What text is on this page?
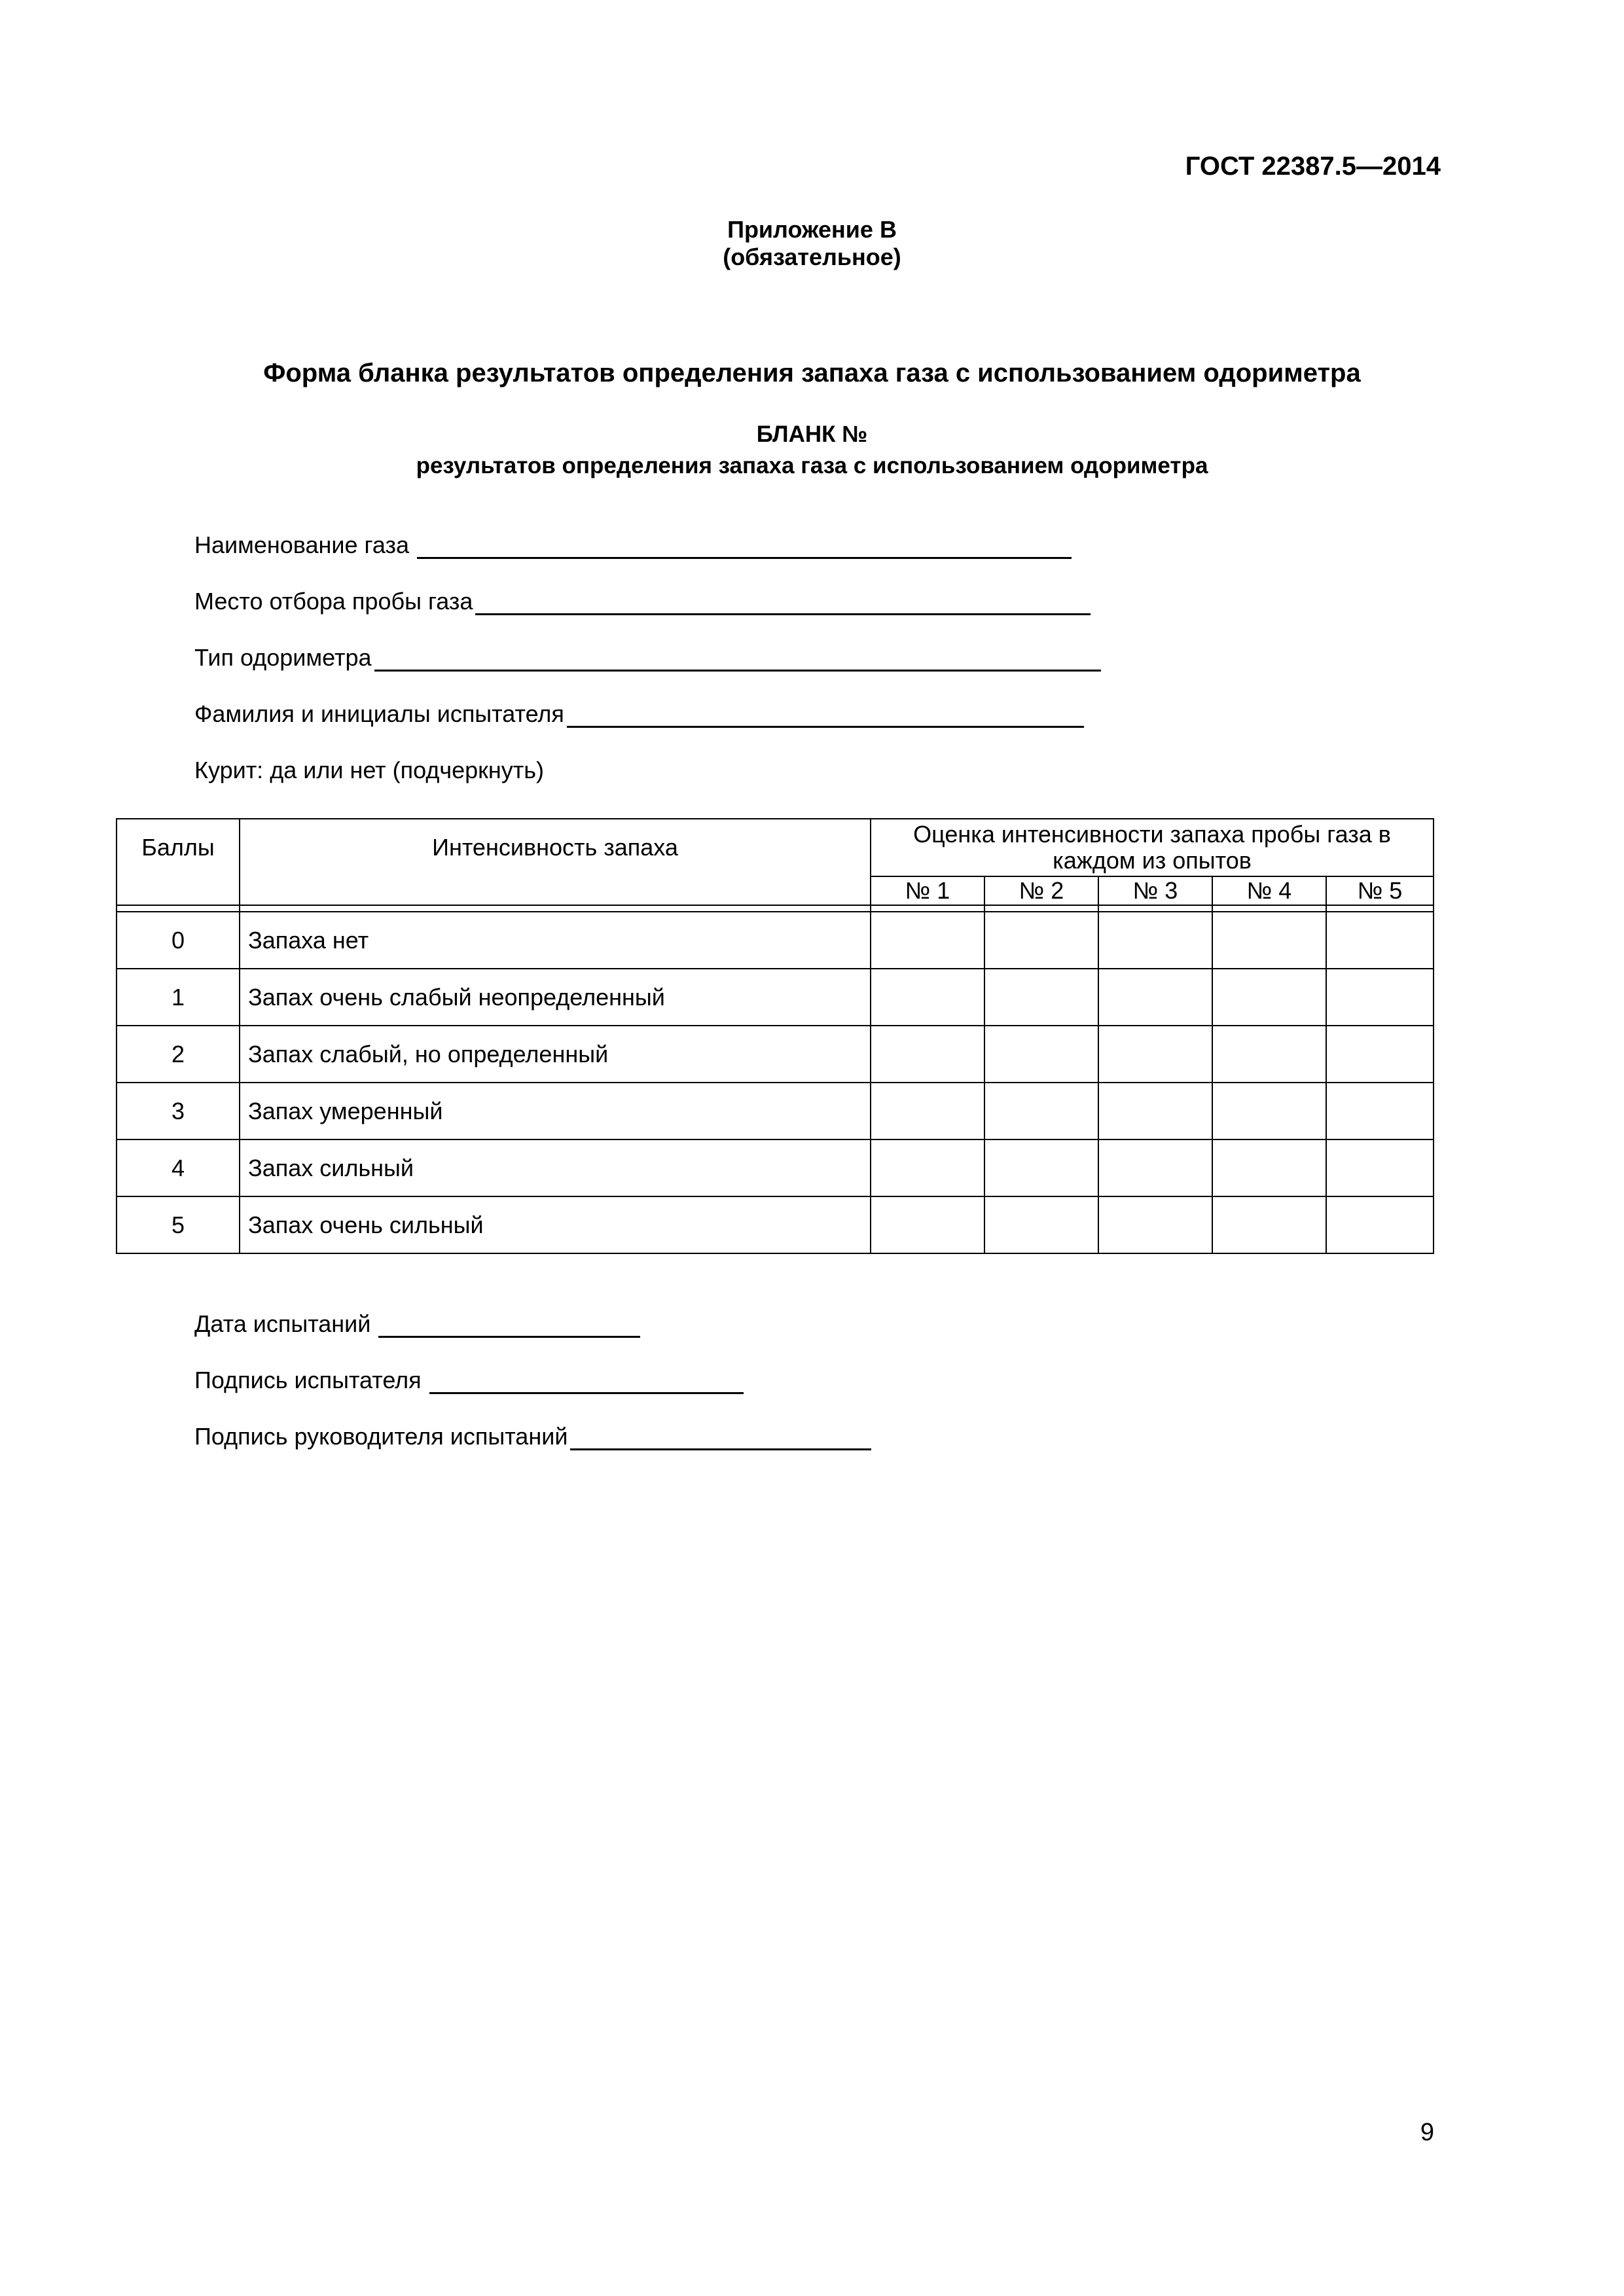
ГОСТ 22387.5—2014
Приложение В
(обязательное)
Форма бланка результатов определения запаха газа с использованием одориметра
БЛАНК №
результатов определения запаха газа с использованием одориметра
Наименование газа
Место отбора пробы газа
Тип одориметра
Фамилия и инициалы испытателя
Курит: да или нет (подчеркнуть)
Баллы	Интенсивность запаха	Оценка интенсивности запаха пробы газа в каждом из опытов				
		№ 1	№ 2	№ 3	№ 4	№ 5

0	Запаха нет					
1	Запах очень слабый неопределенный					
2	Запах слабый, но определенный					
3	Запах умеренный					
4	Запах сильный					
5	Запах очень сильный					
Дата испытаний
Подпись испытателя
Подпись руководителя испытаний
9
